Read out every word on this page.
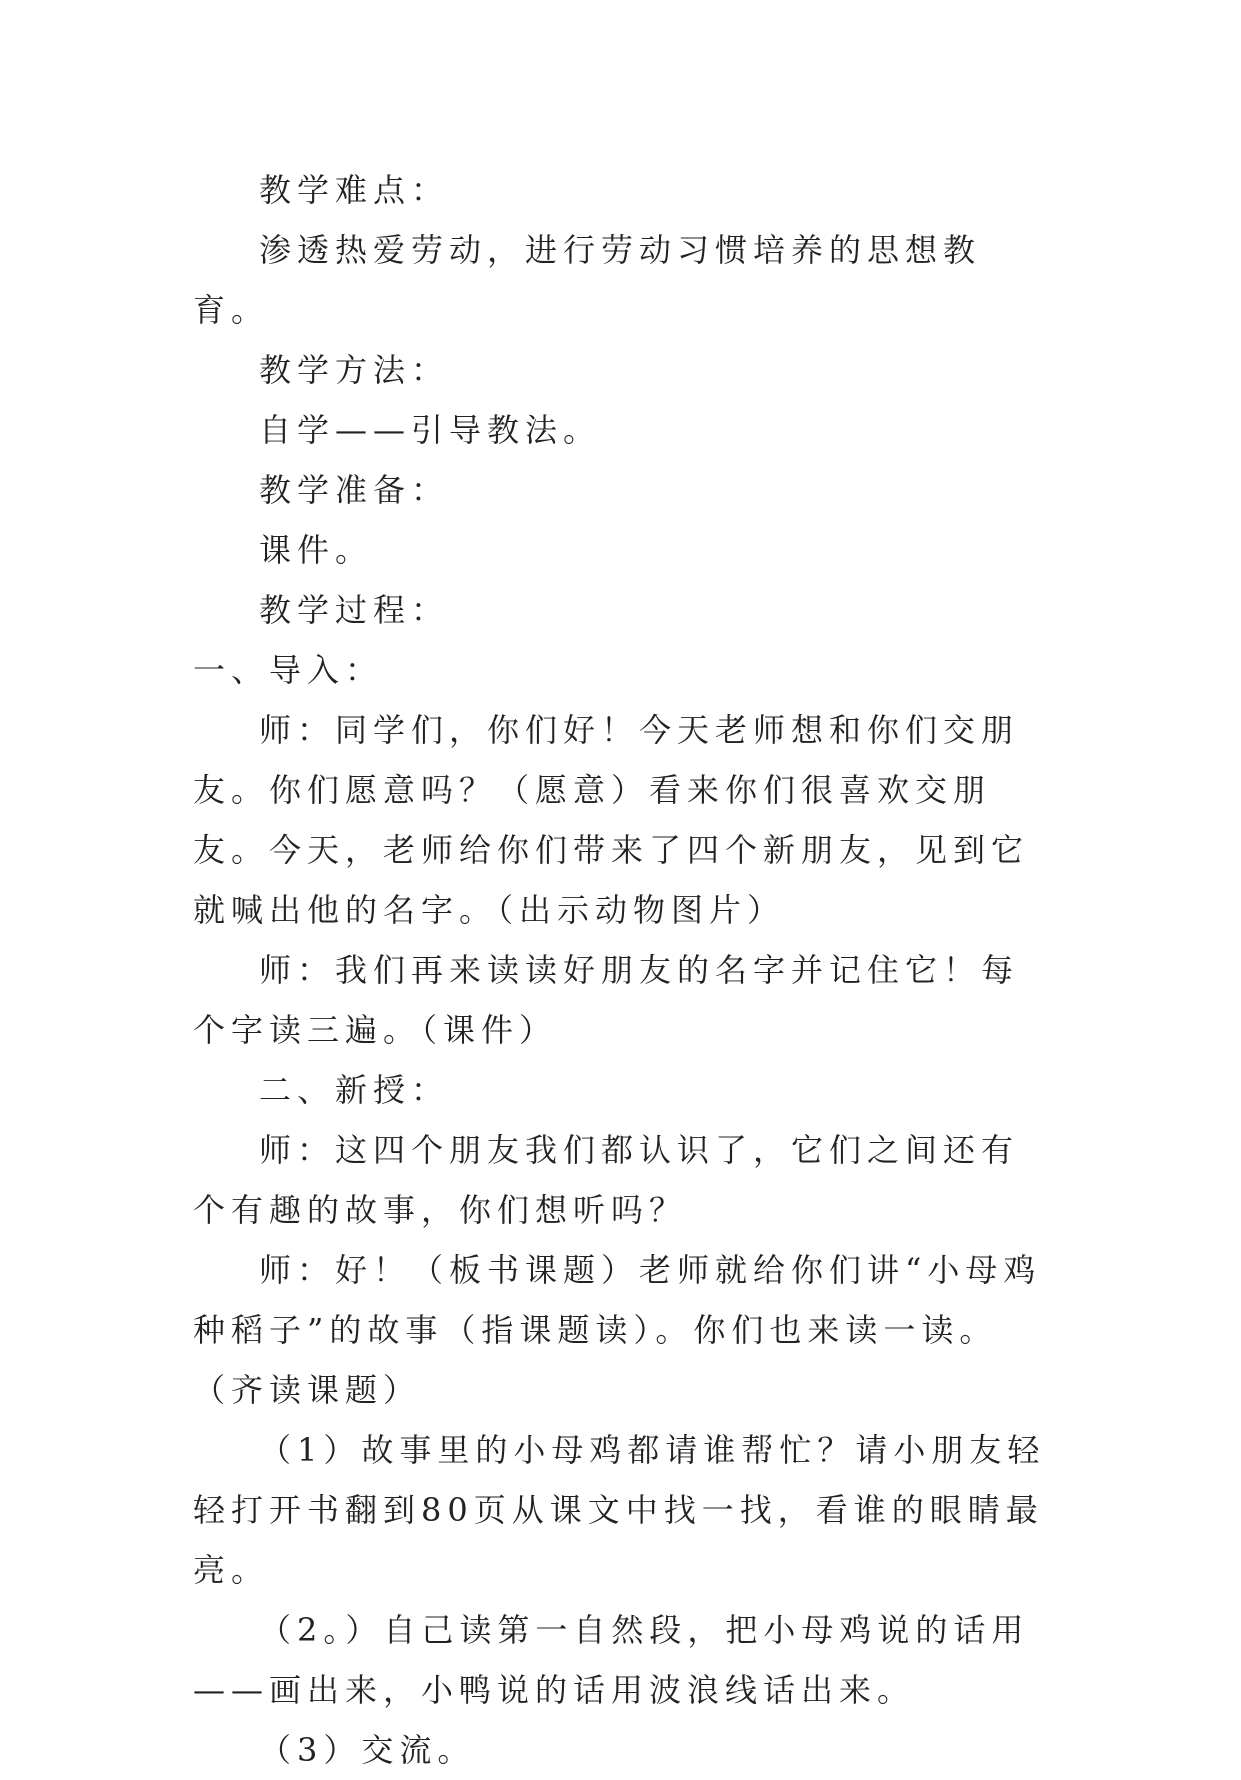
教学难点：

渗透热爱劳动，进行劳动习惯培养的思想教育。

教学方法：

自学——引导教法。

教学准备：

课件。

教学过程：

一、导入：

师：同学们，你们好！今天老师想和你们交朋友。你们愿意吗？（愿意）看来你们很喜欢交朋友。今天，老师给你们带来了四个新朋友，见到它就喊出他的名字。（出示动物图片）

师：我们再来读读好朋友的名字并记住它！每个字读三遍。（课件）

二、新授：

师：这四个朋友我们都认识了，它们之间还有个有趣的故事，你们想听吗？

师：好！（板书课题）老师就给你们讲“小母鸡种稻子”的故事（指课题读）。你们也来读一读。（齐读课题）

（1）故事里的小母鸡都请谁帮忙？请小朋友轻轻打开书翻到80页从课文中找一找，看谁的眼睛最亮。

（2。）自己读第一自然段，把小母鸡说的话用——画出来，小鸭说的话用波浪线话出来。

（3）交流。
